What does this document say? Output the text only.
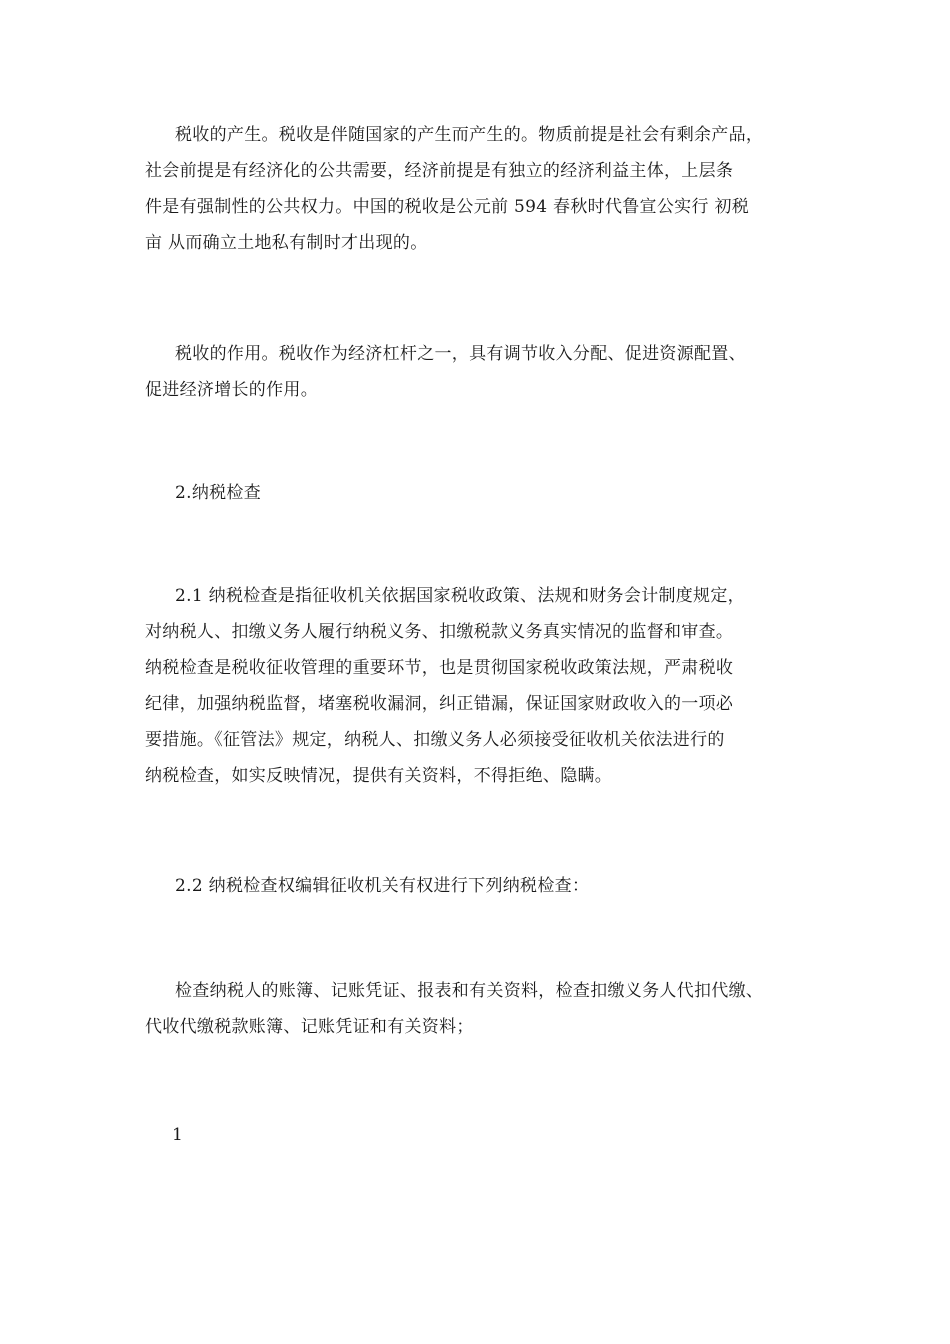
税收的产生。税收是伴随国家的产生而产生的。物质前提是社会有剩余产品，
社会前提是有经济化的公共需要，经济前提是有独立的经济利益主体，上层条
件是有强制性的公共权力。中国的税收是公元前 594 春秋时代鲁宣公实行 初税
亩 从而确立土地私有制时才出现的。
税收的作用。税收作为经济杠杆之一，具有调节收入分配、促进资源配置、
促进经济增长的作用。
2.纳税检查
2.1 纳税检查是指征收机关依据国家税收政策、法规和财务会计制度规定，
对纳税人、扣缴义务人履行纳税义务、扣缴税款义务真实情况的监督和审查。
纳税检查是税收征收管理的重要环节，也是贯彻国家税收政策法规，严肃税收
纪律，加强纳税监督，堵塞税收漏洞，纠正错漏，保证国家财政收入的一项必
要措施。《征管法》规定，纳税人、扣缴义务人必须接受征收机关依法进行的
纳税检查，如实反映情况，提供有关资料，不得拒绝、隐瞒。
2.2 纳税检查权编辑征收机关有权进行下列纳税检查：
检查纳税人的账簿、记账凭证、报表和有关资料，检查扣缴义务人代扣代缴、
代收代缴税款账簿、记账凭证和有关资料；
1
